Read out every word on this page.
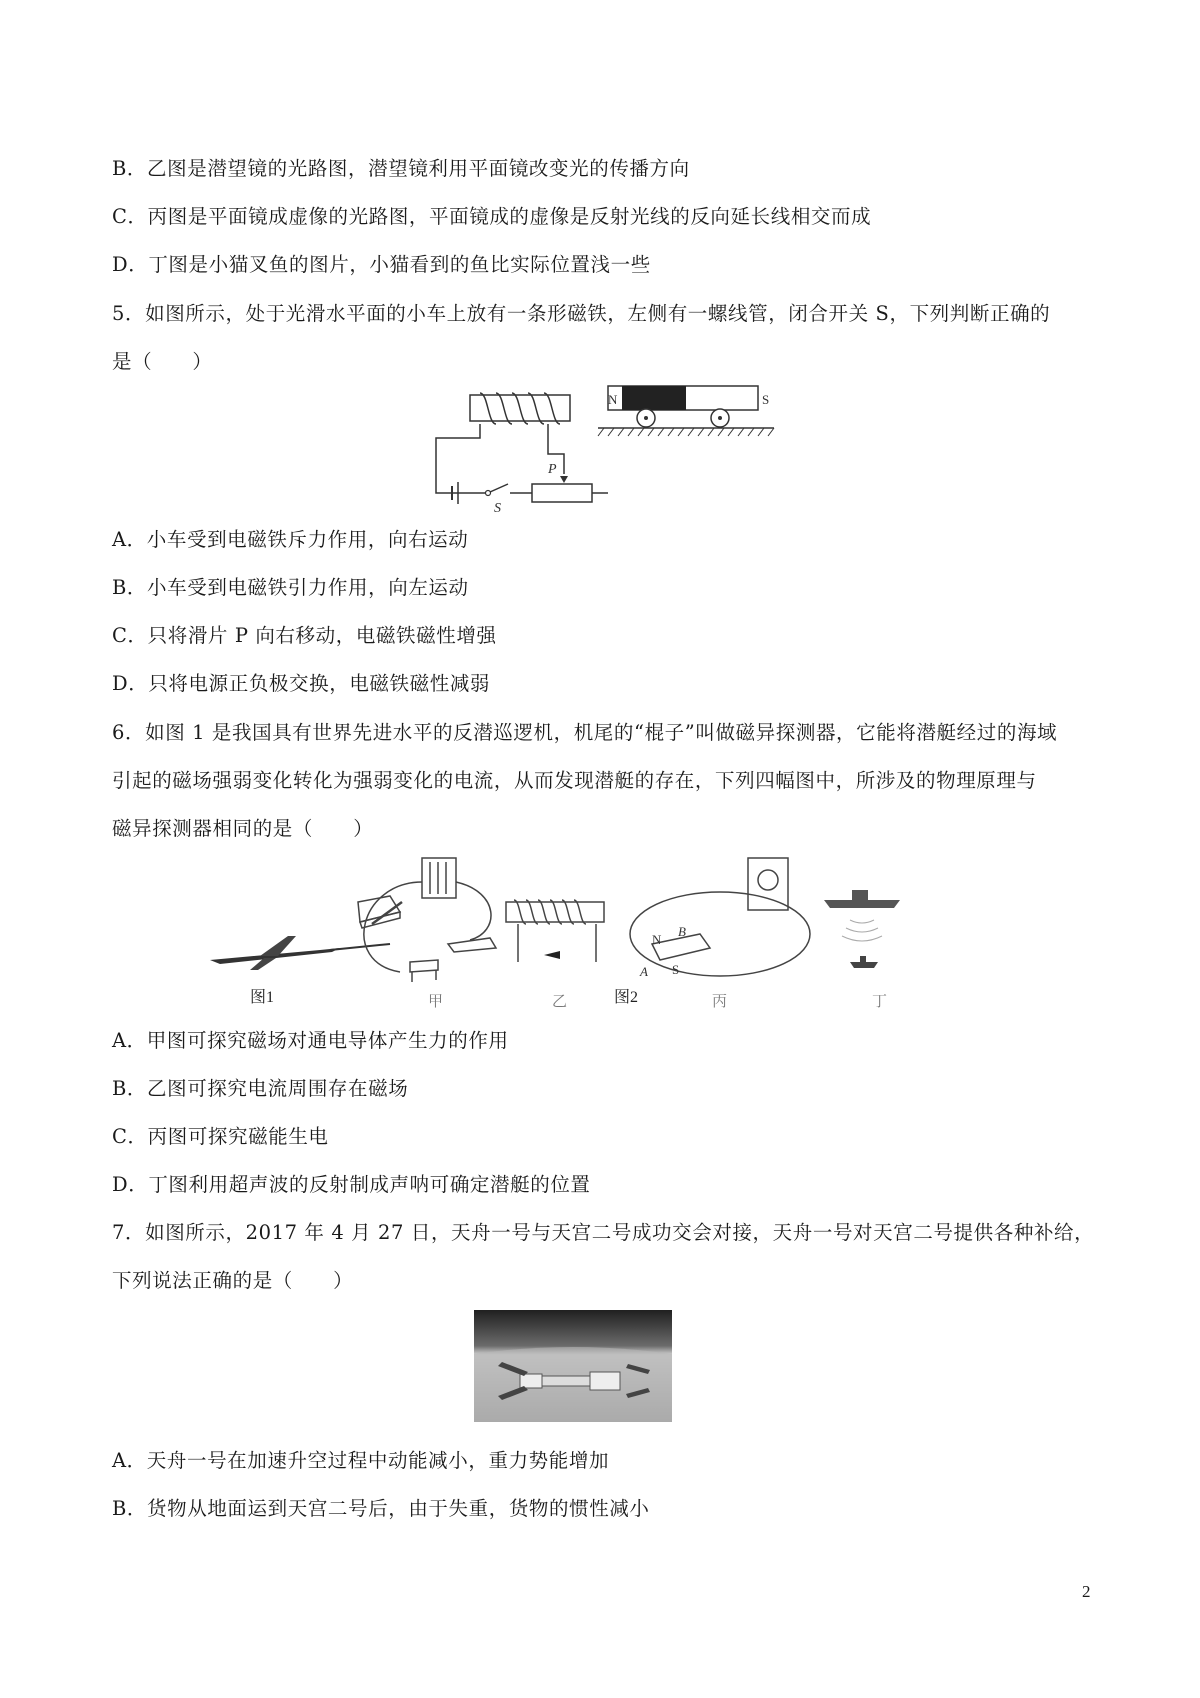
B．乙图是潜望镜的光路图，潜望镜利用平面镜改变光的传播方向
C．丙图是平面镜成虚像的光路图，平面镜成的虚像是反射光线的反向延长线相交而成
D．丁图是小猫叉鱼的图片，小猫看到的鱼比实际位置浅一些
5．如图所示，处于光滑水平面的小车上放有一条形磁铁，左侧有一螺线管，闭合开关 S，下列判断正确的
是（　　）
S
P
N	S
A．小车受到电磁铁斥力作用，向右运动
B．小车受到电磁铁引力作用，向左运动
C．只将滑片 P 向右移动，电磁铁磁性增强
D．只将电源正负极交换，电磁铁磁性减弱
6．如图 1 是我国具有世界先进水平的反潜巡逻机，机尾的“棍子”叫做磁异探测器，它能将潜艇经过的海域
引起的磁场强弱变化转化为强弱变化的电流，从而发现潜艇的存在，下列四幅图中，所涉及的物理原理与
磁异探测器相同的是（　　）
图1	甲	乙	图2
N
B
A S
丙	丁
A．甲图可探究磁场对通电导体产生力的作用
B．乙图可探究电流周围存在磁场
C．丙图可探究磁能生电
D．丁图利用超声波的反射制成声呐可确定潜艇的位置
7．如图所示，2017 年 4 月 27 日，天舟一号与天宫二号成功交会对接，天舟一号对天宫二号提供各种补给，
下列说法正确的是（　　）
A．天舟一号在加速升空过程中动能减小，重力势能增加
B．货物从地面运到天宫二号后，由于失重，货物的惯性减小
2
